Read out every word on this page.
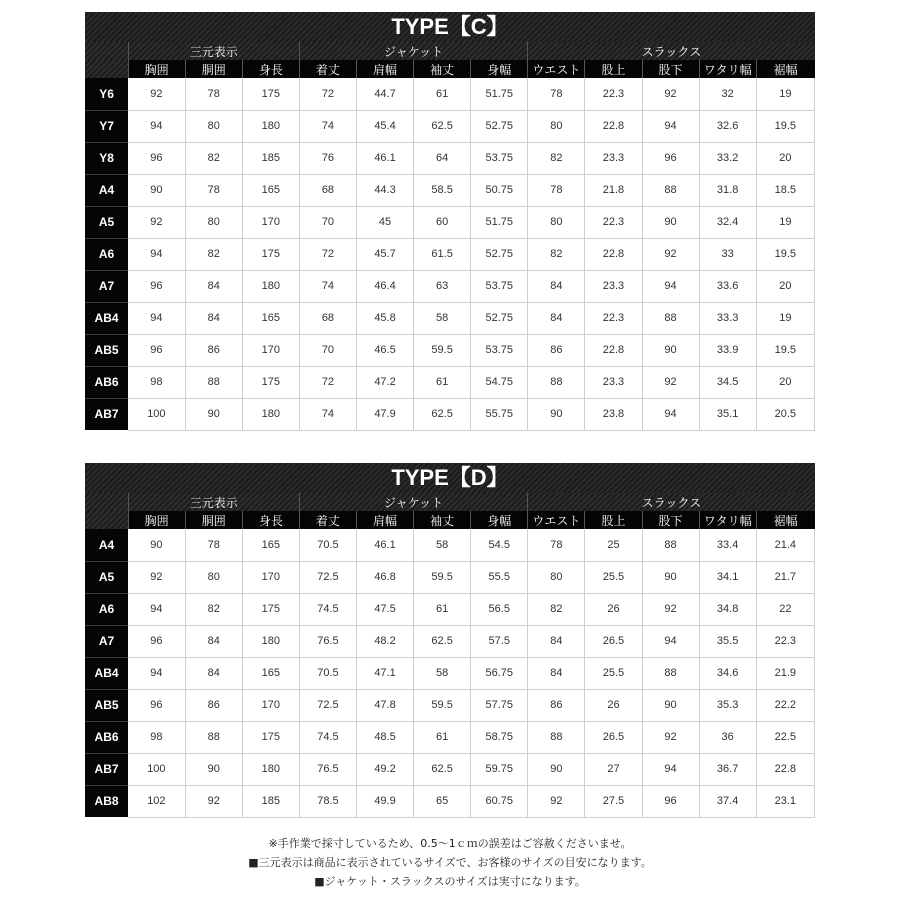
TYPE【C】
	三元表示			ジャケット				スラックス				
	胸囲	胴囲	身長	着丈	肩幅	袖丈	身幅	ウエスト	股上	股下	ワタリ幅	裾幅
Y6	92	78	175	72	44.7	61	51.75	78	22.3	92	32	19
Y7	94	80	180	74	45.4	62.5	52.75	80	22.8	94	32.6	19.5
Y8	96	82	185	76	46.1	64	53.75	82	23.3	96	33.2	20
A4	90	78	165	68	44.3	58.5	50.75	78	21.8	88	31.8	18.5
A5	92	80	170	70	45	60	51.75	80	22.3	90	32.4	19
A6	94	82	175	72	45.7	61.5	52.75	82	22.8	92	33	19.5
A7	96	84	180	74	46.4	63	53.75	84	23.3	94	33.6	20
AB4	94	84	165	68	45.8	58	52.75	84	22.3	88	33.3	19
AB5	96	86	170	70	46.5	59.5	53.75	86	22.8	90	33.9	19.5
AB6	98	88	175	72	47.2	61	54.75	88	23.3	92	34.5	20
AB7	100	90	180	74	47.9	62.5	55.75	90	23.8	94	35.1	20.5
TYPE【D】
	三元表示			ジャケット				スラックス				
	胸囲	胴囲	身長	着丈	肩幅	袖丈	身幅	ウエスト	股上	股下	ワタリ幅	裾幅
A4	90	78	165	70.5	46.1	58	54.5	78	25	88	33.4	21.4
A5	92	80	170	72.5	46.8	59.5	55.5	80	25.5	90	34.1	21.7
A6	94	82	175	74.5	47.5	61	56.5	82	26	92	34.8	22
A7	96	84	180	76.5	48.2	62.5	57.5	84	26.5	94	35.5	22.3
AB4	94	84	165	70.5	47.1	58	56.75	84	25.5	88	34.6	21.9
AB5	96	86	170	72.5	47.8	59.5	57.75	86	26	90	35.3	22.2
AB6	98	88	175	74.5	48.5	61	58.75	88	26.5	92	36	22.5
AB7	100	90	180	76.5	49.2	62.5	59.75	90	27	94	36.7	22.8
AB8	102	92	185	78.5	49.9	65	60.75	92	27.5	96	37.4	23.1
※手作業で採寸しているため、0.5〜1ｃｍの誤差はご容赦くださいませ。
■三元表示は商品に表示されているサイズで、お客様のサイズの目安になります。
■ジャケット・スラックスのサイズは実寸になります。
